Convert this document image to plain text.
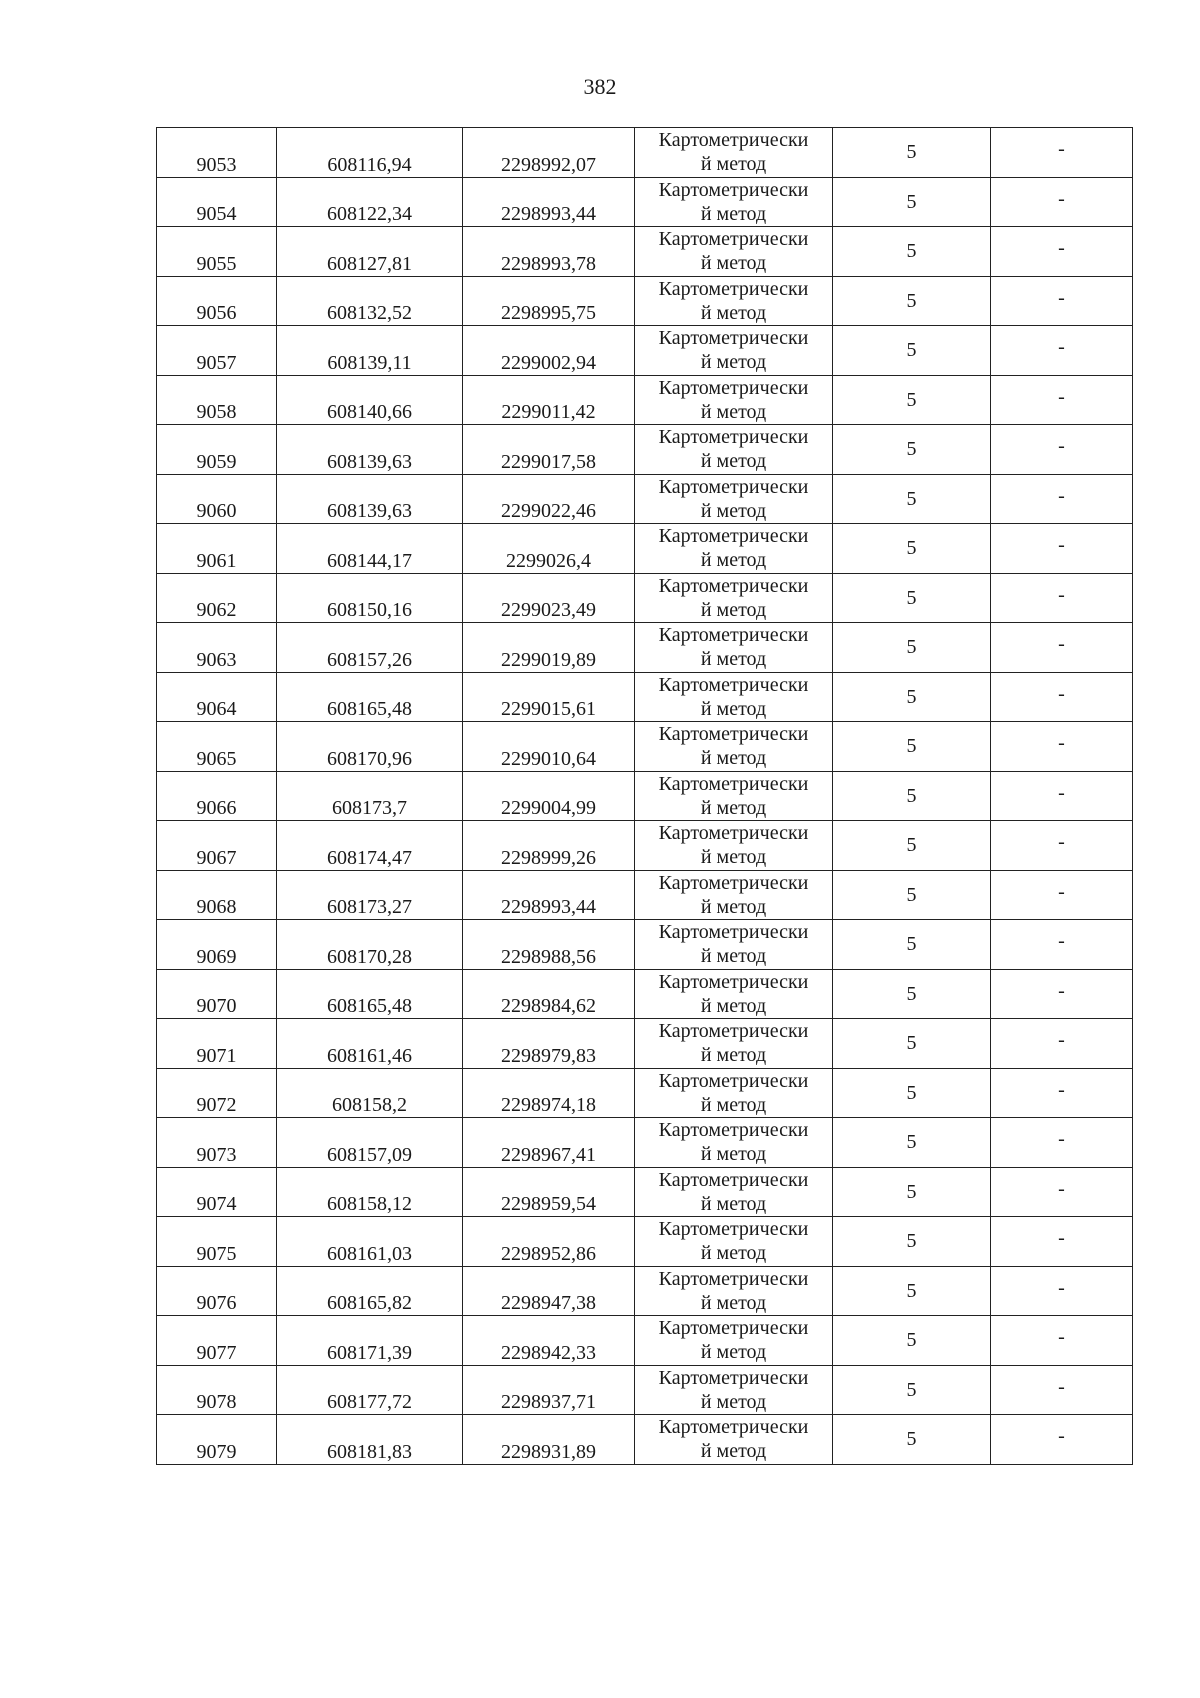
382
9053	608116,94	2298992,07	Картометрически
й метод	5	-
9054	608122,34	2298993,44	Картометрически
й метод	5	-
9055	608127,81	2298993,78	Картометрически
й метод	5	-
9056	608132,52	2298995,75	Картометрически
й метод	5	-
9057	608139,11	2299002,94	Картометрически
й метод	5	-
9058	608140,66	2299011,42	Картометрически
й метод	5	-
9059	608139,63	2299017,58	Картометрически
й метод	5	-
9060	608139,63	2299022,46	Картометрически
й метод	5	-
9061	608144,17	2299026,4	Картометрически
й метод	5	-
9062	608150,16	2299023,49	Картометрически
й метод	5	-
9063	608157,26	2299019,89	Картометрически
й метод	5	-
9064	608165,48	2299015,61	Картометрически
й метод	5	-
9065	608170,96	2299010,64	Картометрически
й метод	5	-
9066	608173,7	2299004,99	Картометрически
й метод	5	-
9067	608174,47	2298999,26	Картометрически
й метод	5	-
9068	608173,27	2298993,44	Картометрически
й метод	5	-
9069	608170,28	2298988,56	Картометрически
й метод	5	-
9070	608165,48	2298984,62	Картометрически
й метод	5	-
9071	608161,46	2298979,83	Картометрически
й метод	5	-
9072	608158,2	2298974,18	Картометрически
й метод	5	-
9073	608157,09	2298967,41	Картометрически
й метод	5	-
9074	608158,12	2298959,54	Картометрически
й метод	5	-
9075	608161,03	2298952,86	Картометрически
й метод	5	-
9076	608165,82	2298947,38	Картометрически
й метод	5	-
9077	608171,39	2298942,33	Картометрически
й метод	5	-
9078	608177,72	2298937,71	Картометрически
й метод	5	-
9079	608181,83	2298931,89	Картометрически
й метод	5	-
